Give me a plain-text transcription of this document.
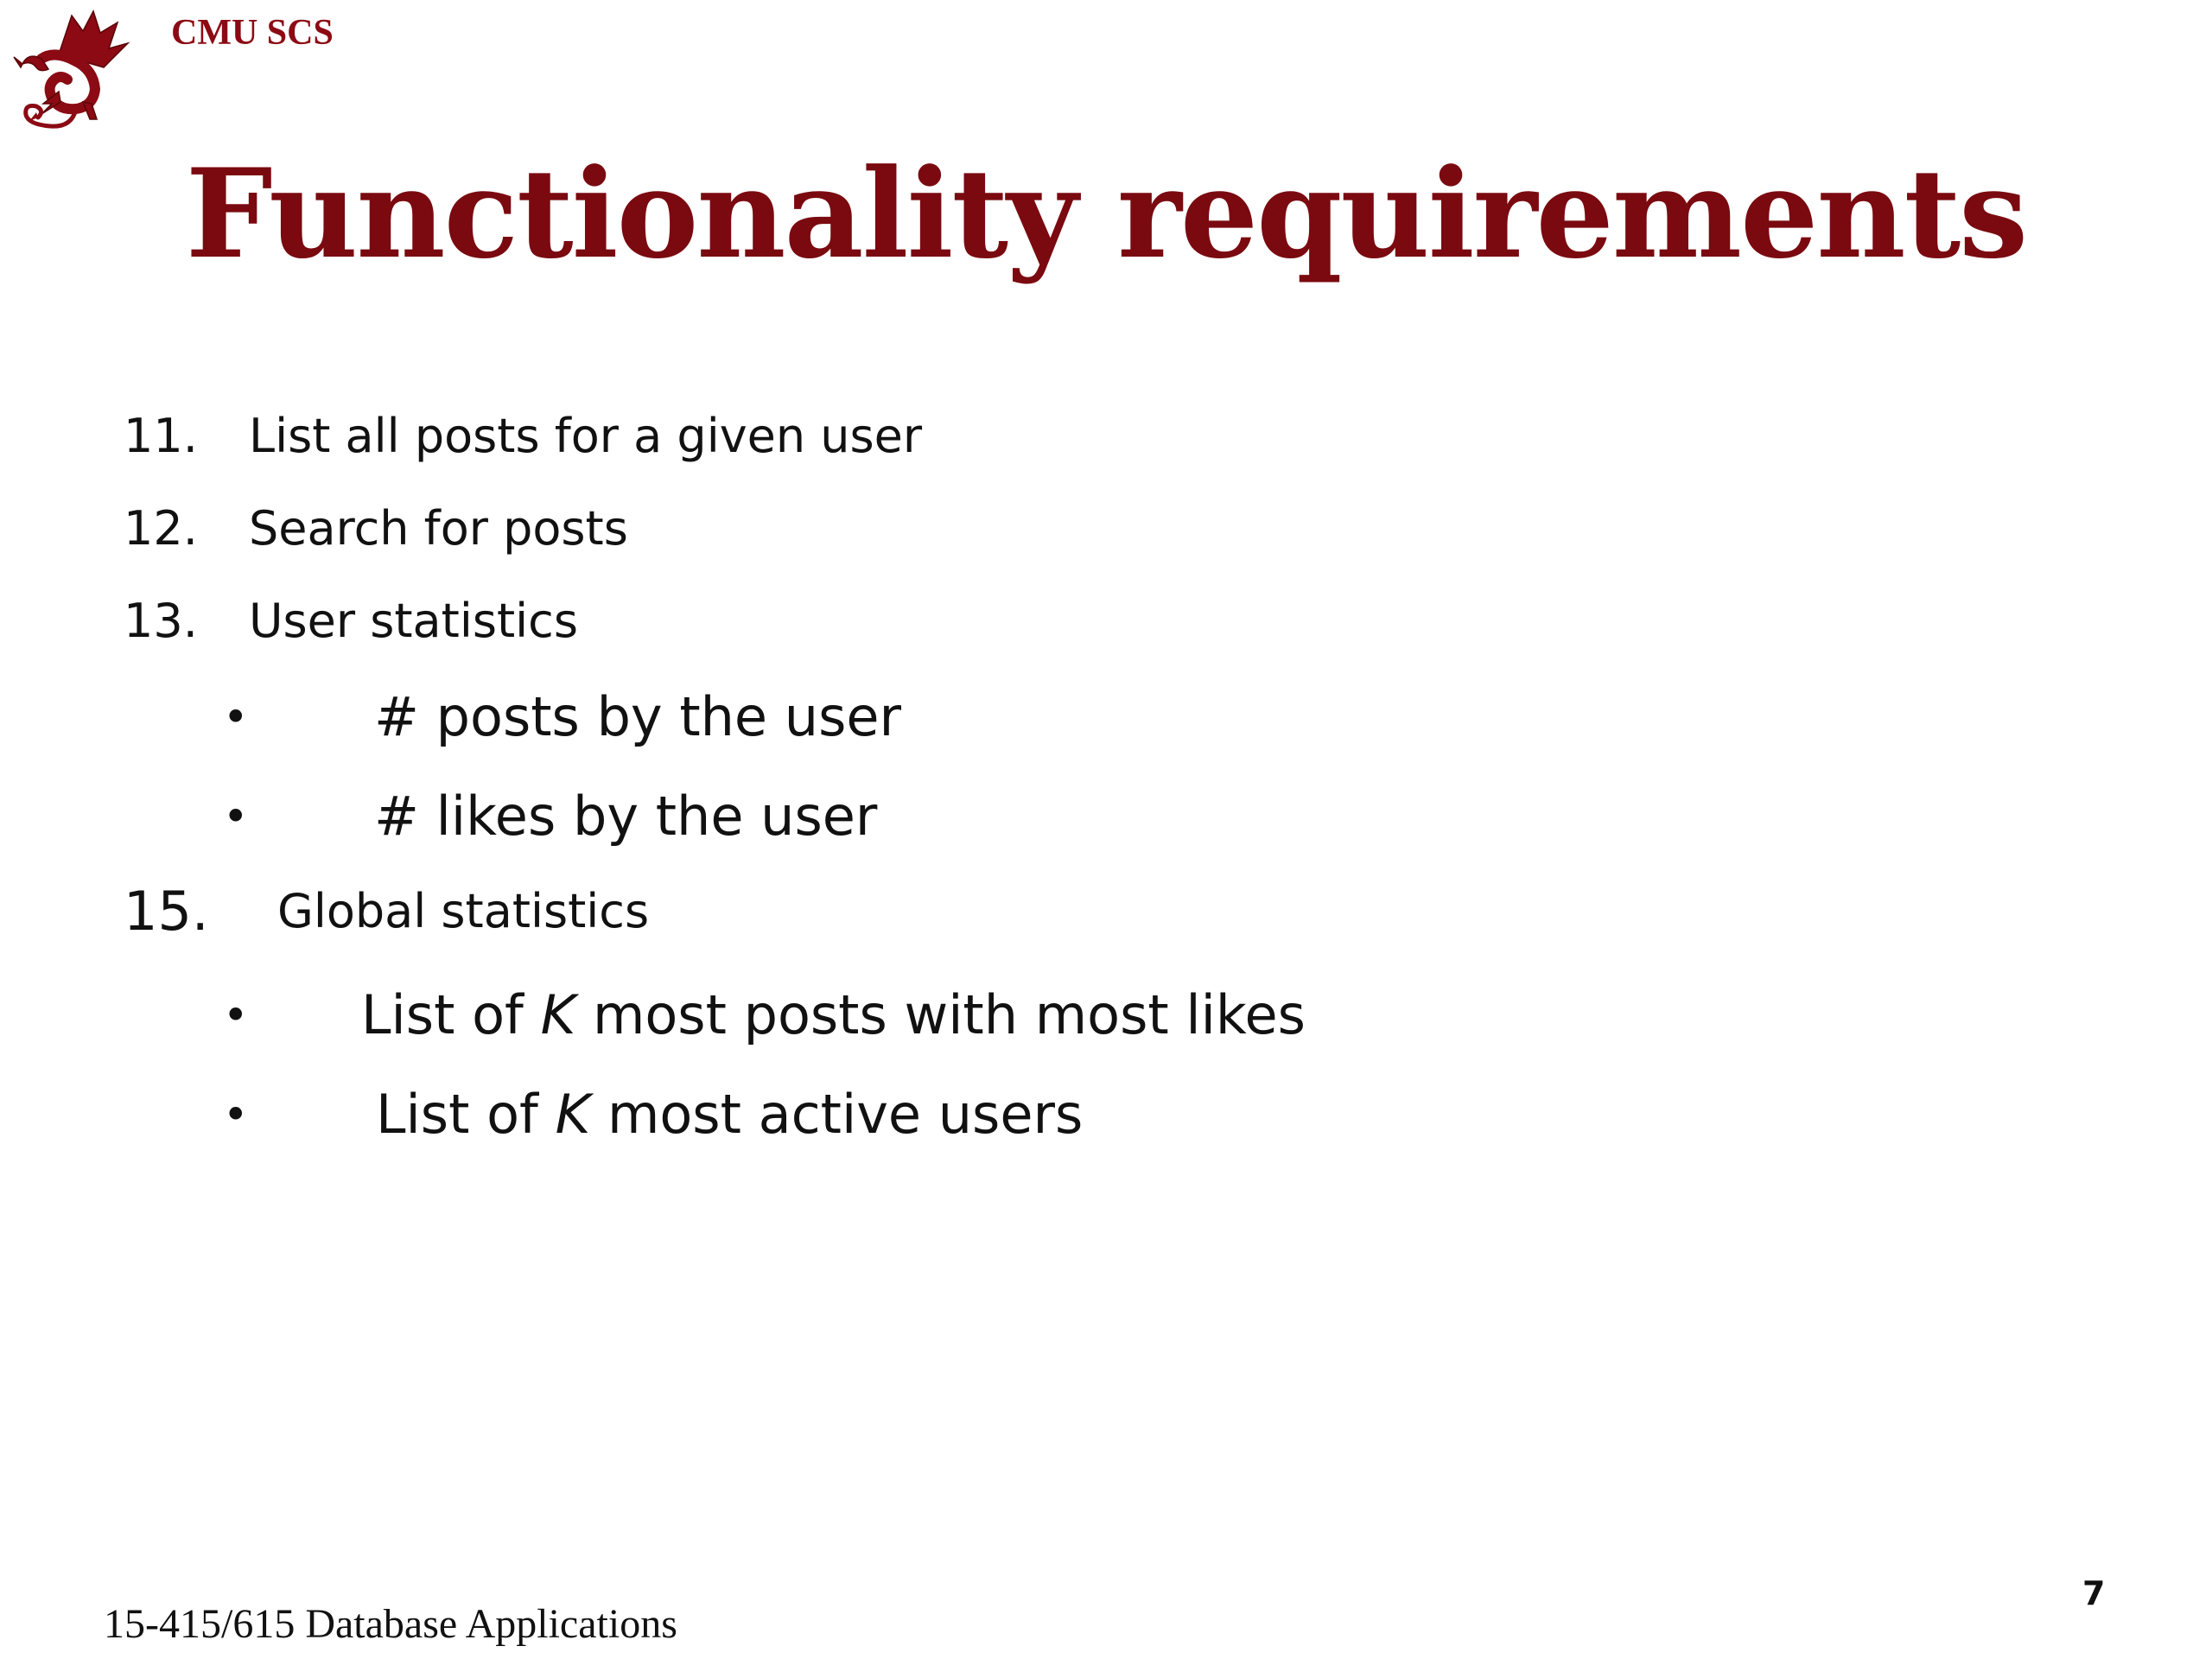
CMU SCS
Functionality requirements
11. List all posts for a given user
12. Search for posts
13. User statistics
• # posts by the user
• # likes by the user
15. Global statistics
• List of K most posts with most likes
• List of K most active users
15-415/615 Database Applications
7
